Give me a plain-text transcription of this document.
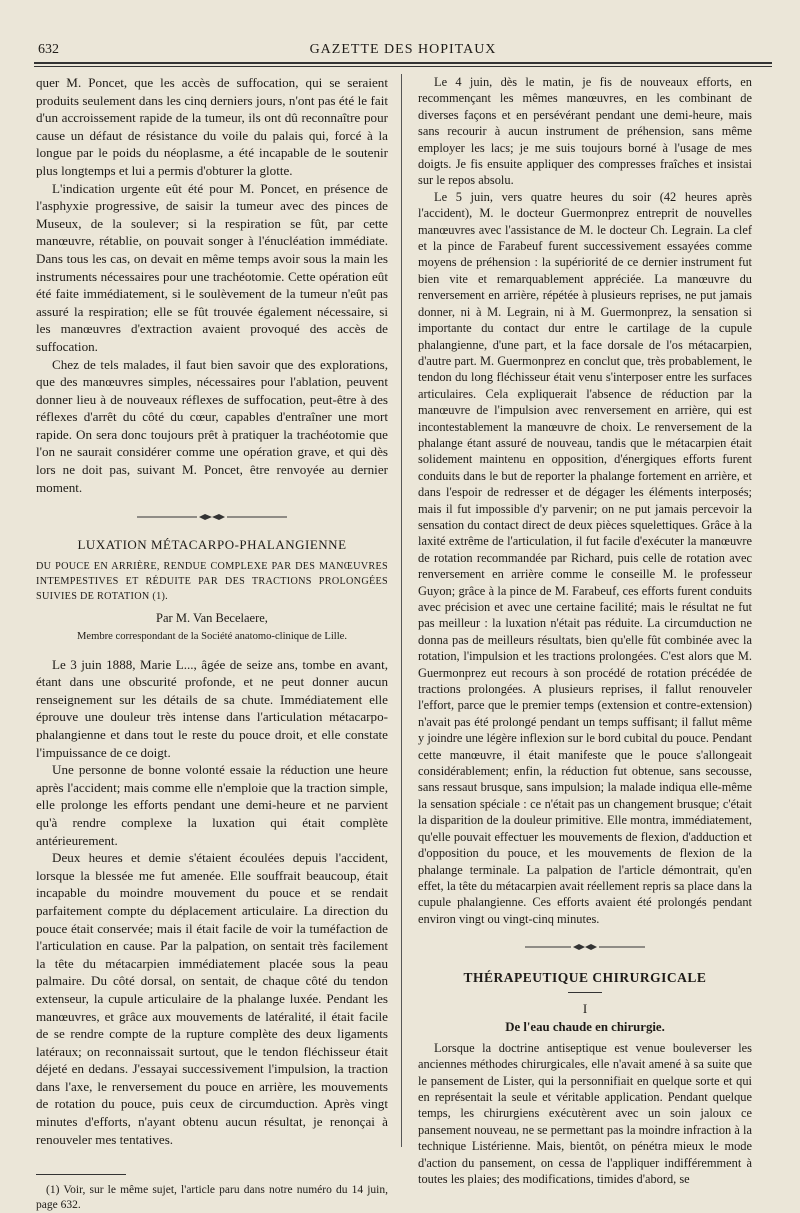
632	GAZETTE DES HOPITAUX

quer M. Poncet, que les accès de suffocation, qui se seraient produits seulement dans les cinq derniers jours, n'ont pas été le fait d'un accroissement rapide de la tumeur, ils ont dû reconnaître pour cause un défaut de résistance du voile du palais qui, forcé à la longue par le poids du néoplasme, a été incapable de le soutenir plus longtemps et lui a permis d'obturer la glotte.

L'indication urgente eût été pour M. Poncet, en présence de l'asphyxie progressive, de saisir la tumeur avec des pinces de Museux, de la soulever; si la respiration se fût, par cette manœuvre, rétablie, on pouvait songer à l'énucléation immédiate. Dans tous les cas, on devait en même temps avoir sous la main les instruments nécessaires pour une trachéotomie. Cette opération eût été faite immédiatement, si le soulèvement de la tumeur n'eût pas assuré la respiration; elle se fût trouvée également nécessaire, si les manœuvres d'extraction avaient provoqué des accès de suffocation.

Chez de tels malades, il faut bien savoir que des explorations, que des manœuvres simples, nécessaires pour l'ablation, peuvent donner lieu à de nouveaux réflexes de suffocation, peut-être à des réflexes d'arrêt du côté du cœur, capables d'entraîner une mort rapide. On sera donc toujours prêt à pratiquer la trachéotomie que l'on ne saurait considérer comme une opération grave, et qui dès lors ne doit pas, suivant M. Poncet, être renvoyée au dernier moment.

LUXATION MÉTACARPO-PHALANGIENNE

DU POUCE EN ARRIÈRE, RENDUE COMPLEXE PAR DES MANŒUVRES INTEMPESTIVES ET RÉDUITE PAR DES TRACTIONS PROLONGÉES SUIVIES DE ROTATION (1).

Par M. Van Becelaere,
Membre correspondant de la Société anatomo-clinique de Lille.

Le 3 juin 1888, Marie L..., âgée de seize ans, tombe en avant, étant dans une obscurité profonde, et ne peut donner aucun renseignement sur les détails de sa chute. Immédiatement elle éprouve une douleur très intense dans l'articulation métacarpo-phalangienne et dans tout le reste du pouce droit, et elle constate l'impuissance de ce doigt.

Une personne de bonne volonté essaie la réduction une heure après l'accident; mais comme elle n'emploie que la traction simple, elle prolonge les efforts pendant une demi-heure et ne parvient qu'à rendre complexe la luxation qui était complète antérieurement.

Deux heures et demie s'étaient écoulées depuis l'accident, lorsque la blessée me fut amenée. Elle souffrait beaucoup, était incapable du moindre mouvement du pouce et se rendait parfaitement compte du déplacement articulaire. La direction du pouce était conservée; mais il était facile de voir la tuméfaction de l'articulation en cause. Par la palpation, on sentait très facilement la tête du métacarpien immédiatement placée sous la peau palmaire. Du côté dorsal, on sentait, de chaque côté du tendon extenseur, la cupule articulaire de la phalange luxée. Pendant les manœuvres, et grâce aux mouvements de latéralité, il était facile de se rendre compte de la rupture complète des deux ligaments latéraux; on reconnaissait surtout, que le tendon fléchisseur était déjeté en dedans. J'essayai successivement l'impulsion, la traction dans l'axe, le renversement du pouce en arrière, les mouvements de rotation du pouce, puis ceux de circumduction. Après vingt minutes d'efforts, n'ayant obtenu aucun résultat, je renonçai à renouveler mes tentatives.

(1) Voir, sur le même sujet, l'article paru dans notre numéro du 14 juin, page 632.

Le 4 juin, dès le matin, je fis de nouveaux efforts, en recommençant les mêmes manœuvres, en les combinant de diverses façons et en persévérant pendant une demi-heure, mais sans recourir à aucun instrument de préhension, sans même employer les lacs; je me suis toujours borné à l'usage de mes doigts. Je fis ensuite appliquer des compresses fraîches et insistai sur le repos absolu.

Le 5 juin, vers quatre heures du soir (42 heures après l'accident), M. le docteur Guermonprez entreprit de nouvelles manœuvres avec l'assistance de M. le docteur Ch. Legrain. La clef et la pince de Farabeuf furent successivement essayées comme moyens de préhension : la supériorité de ce dernier instrument fut bien vite et remarquablement appréciée. La manœuvre du renversement en arrière, répétée à plusieurs reprises, ne put jamais donner, ni à M. Legrain, ni à M. Guermonprez, la sensation si importante du contact dur entre le cartilage de la cupule phalangienne, d'une part, et la face dorsale de l'os métacarpien, d'autre part. M. Guermonprez en conclut que, très probablement, le tendon du long fléchisseur était venu s'interposer entre les surfaces articulaires. Cela expliquerait l'absence de réduction par la manœuvre de l'impulsion avec renversement en arrière, qui est incontestablement la manœuvre de choix. Le renversement de la phalange étant assuré de nouveau, tandis que le métacarpien était solidement maintenu en opposition, d'énergiques efforts furent conduits dans le but de reporter la phalange fortement en arrière, et dans l'espoir de redresser et de dégager les éléments interposés; mais il fut impossible d'y parvenir; on ne put jamais percevoir la sensation du contact direct de deux pièces squelettiques. Grâce à la laxité extrême de l'articulation, il fut facile d'exécuter la manœuvre de rotation recommandée par Richard, puis celle de rotation avec renversement en arrière comme le conseille M. le professeur Guyon; grâce à la pince de M. Farabeuf, ces efforts furent conduits avec précision et avec une certaine facilité; mais le résultat ne fut pas meilleur : la luxation n'était pas réduite. La circumduction ne donna pas de meilleurs résultats, bien qu'elle fût combinée avec la rotation, l'impulsion et les tractions prolongées. C'est alors que M. Guermonprez eut recours à son procédé de rotation précédée de tractions prolongées. A plusieurs reprises, il fallut renouveler l'effort, parce que le premier temps (extension et contre-extension) n'avait pas été prolongé pendant un temps suffisant; il fallut même y joindre une légère inflexion sur le bord cubital du pouce. Pendant cette manœuvre, il était manifeste que le pouce s'allongeait considérablement; enfin, la réduction fut obtenue, sans secousse, sans ressaut brusque, sans impulsion; la malade indiqua elle-même la sensation spéciale : ce n'était pas un changement brusque; c'était la disparition de la douleur primitive. Elle montra, immédiatement, qu'elle pouvait effectuer les mouvements de flexion, d'adduction et d'opposition du pouce, et les mouvements de flexion de la phalange terminale. La palpation de l'article démontrait, qu'en effet, la tête du métacarpien avait réellement repris sa place dans la cupule phalangienne. Ces efforts avaient été prolongés pendant environ vingt ou vingt-cinq minutes.

THÉRAPEUTIQUE CHIRURGICALE
I
De l'eau chaude en chirurgie.

Lorsque la doctrine antiseptique est venue bouleverser les anciennes méthodes chirurgicales, elle n'avait amené à sa suite que le pansement de Lister, qui la personnifiait en quelque sorte et qui en représentait la seule et véritable application. Pendant quelque temps, les chirurgiens exécutèrent avec un soin jaloux ce pansement nouveau, ne se permettant pas la moindre infraction à la technique Listérienne. Mais, bientôt, on pénétra mieux le mode d'action du pansement, on cessa de l'appliquer indifféremment à toutes les plaies; des modifications, timides d'abord, se
